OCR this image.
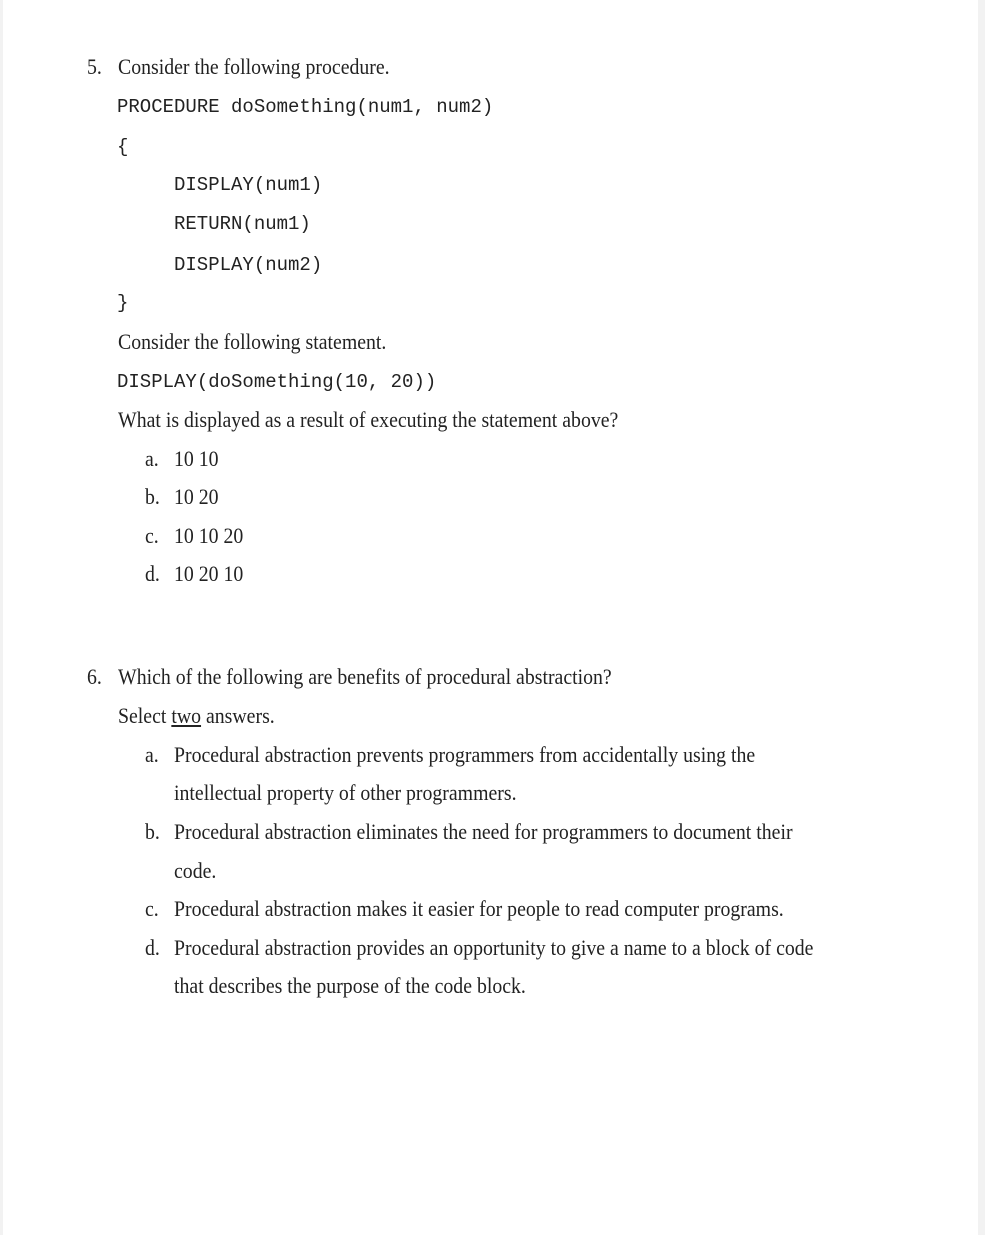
5. Consider the following procedure.
PROCEDURE doSomething(num1, num2)
{
DISPLAY(num1)
RETURN(num1)
DISPLAY(num2)
}
Consider the following statement.
DISPLAY(doSomething(10, 20))
What is displayed as a result of executing the statement above?
a. 10 10
b. 10 20
c. 10 10 20
d. 10 20 10
6. Which of the following are benefits of procedural abstraction?
Select two answers.
a. Procedural abstraction prevents programmers from accidentally using the
intellectual property of other programmers.
b. Procedural abstraction eliminates the need for programmers to document their
code.
c. Procedural abstraction makes it easier for people to read computer programs.
d. Procedural abstraction provides an opportunity to give a name to a block of code
that describes the purpose of the code block.
